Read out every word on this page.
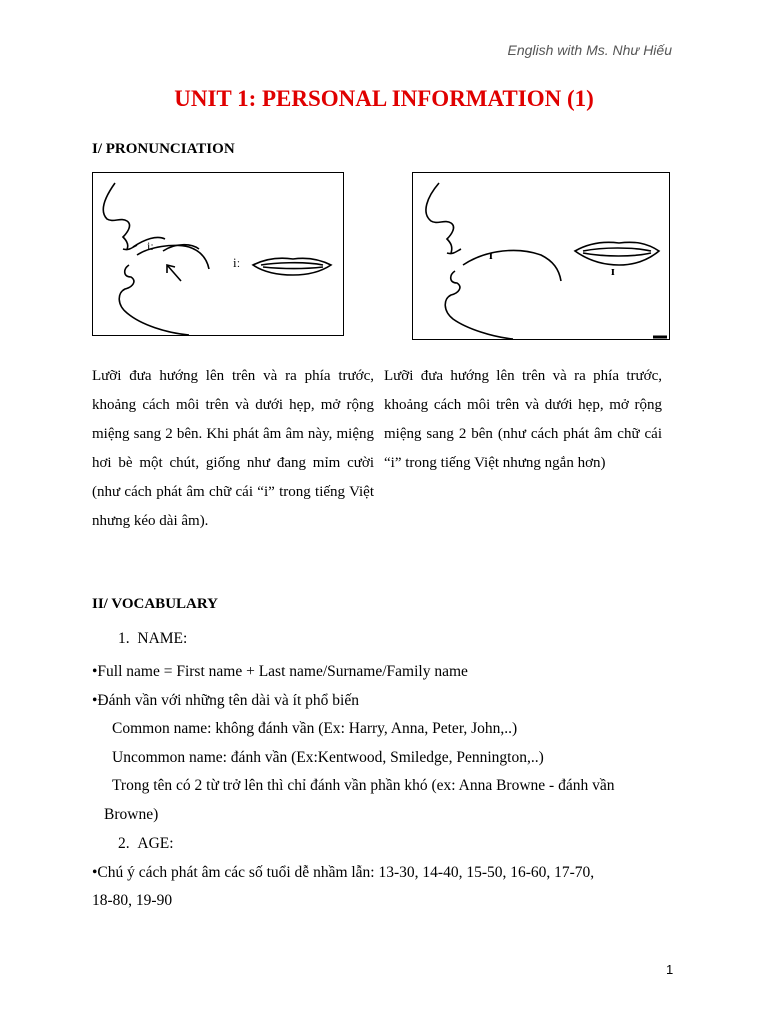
English with Ms. Như Hiếu
UNIT 1: PERSONAL INFORMATION (1)
I/ PRONUNCIATION
iː
iː
ɪ
ɪ
Lưỡi đưa hướng lên trên và ra phía trước, khoảng cách môi trên và dưới hẹp, mở rộng miệng sang 2 bên. Khi phát âm âm này, miệng hơi bè một chút, giống như đang mỉm cười (như cách phát âm chữ cái “i” trong tiếng Việt nhưng kéo dài âm).
Lưỡi đưa hướng lên trên và ra phía trước, khoảng cách môi trên và dưới hẹp, mở rộng miệng sang 2 bên (như cách phát âm chữ cái “i” trong tiếng Việt nhưng ngắn hơn)
II/ VOCABULARY
1.  NAME:
•Full name = First name + Last name/Surname/Family name
•Đánh vần với những tên dài và ít phổ biến
Common name: không đánh vần (Ex: Harry, Anna, Peter, John,..)
Uncommon name: đánh vần (Ex:Kentwood, Smiledge, Pennington,..)
Trong tên có 2 từ trở lên thì chỉ đánh vần phần khó (ex: Anna Browne - đánh vần
Browne)
2.  AGE:
•Chú ý cách phát âm các số tuổi dễ nhầm lẫn: 13-30, 14-40, 15-50, 16-60, 17-70,
18-80, 19-90
1
